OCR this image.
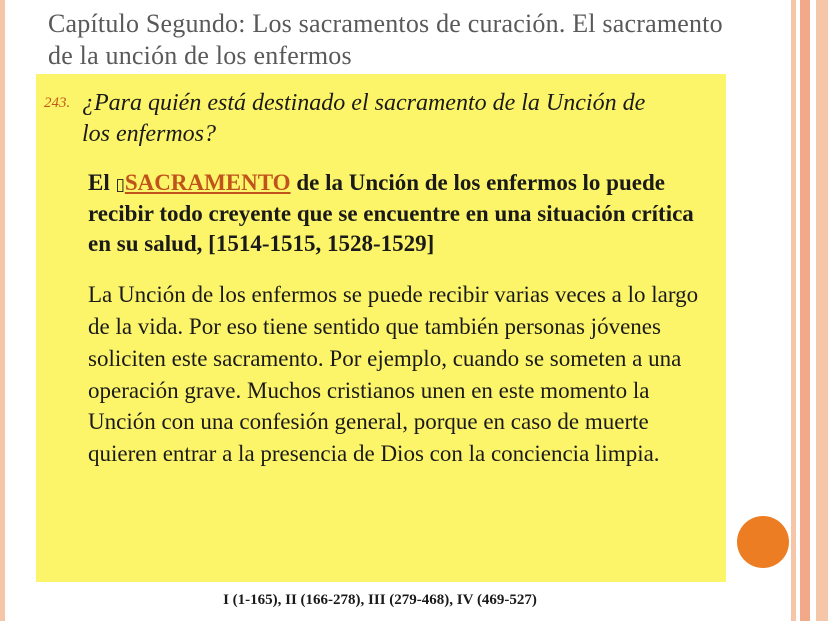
Capítulo Segundo: Los sacramentos de curación. El sacramento de la unción de los enfermos
243. ¿Para quién está destinado el sacramento de la Unción de los enfermos?
El ▯SACRAMENTO de la Unción de los enfermos lo puede recibir todo creyente que se encuentre en una situación crítica en su salud, [1514-1515, 1528-1529]
La Unción de los enfermos se puede recibir varias veces a lo largo de la vida. Por eso tiene sentido que también personas jóvenes soliciten este sacramento. Por ejemplo, cuando se someten a una operación grave. Muchos cristianos unen en este momento la Unción con una confesión general, porque en caso de muerte quieren entrar a la presencia de Dios con la conciencia limpia.
I (1-165), II (166-278), III (279-468), IV (469-527)
